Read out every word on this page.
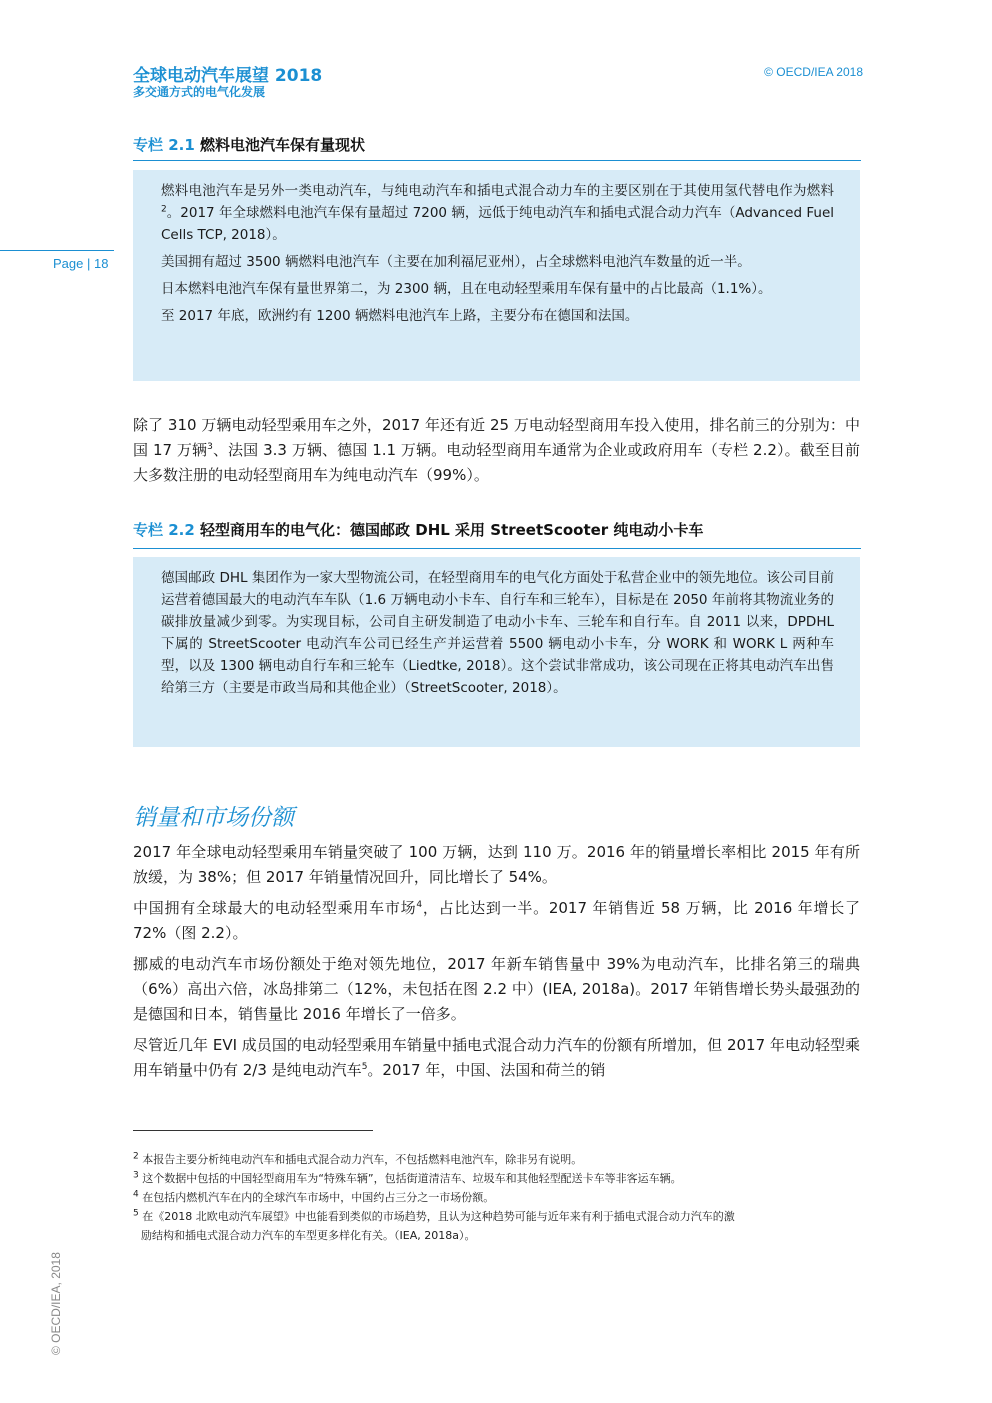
全球电动汽车展望 2018
多交通方式的电气化发展
© OECD/IEA 2018
Page | 18
专栏 2.1 燃料电池汽车保有量现状

燃料电池汽车是另外一类电动汽车，与纯电动汽车和插电式混合动力车的主要区别在于其使用氢代替电作为燃料$^2$。2017 年全球燃料电池汽车保有量超过 7200 辆，远低于纯电动汽车和插电式混合动力汽车（Advanced Fuel Cells TCP, 2018）。

美国拥有超过 3500 辆燃料电池汽车（主要在加利福尼亚州），占全球燃料电池汽车数量的近一半。

日本燃料电池汽车保有量世界第二，为 2300 辆，且在电动轻型乘用车保有量中的占比最高（1.1%）。

至 2017 年底，欧洲约有 1200 辆燃料电池汽车上路，主要分布在德国和法国。

除了 310 万辆电动轻型乘用车之外，2017 年还有近 25 万电动轻型商用车投入使用，排名前三的分别为：中国 17 万辆$^3$、法国 3.3 万辆、德国 1.1 万辆。电动轻型商用车通常为企业或政府用车（专栏 2.2）。截至目前大多数注册的电动轻型商用车为纯电动汽车（99%）。

专栏 2.2 轻型商用车的电气化：德国邮政 DHL 采用 StreetScooter 纯电动小卡车

德国邮政 DHL 集团作为一家大型物流公司，在轻型商用车的电气化方面处于私营企业中的领先地位。该公司目前运营着德国最大的电动汽车车队（1.6 万辆电动小卡车、自行车和三轮车），目标是在 2050 年前将其物流业务的碳排放量减少到零。为实现目标，公司自主研发制造了电动小卡车、三轮车和自行车。自 2011 以来，DPDHL 下属的 StreetScooter 电动汽车公司已经生产并运营着 5500 辆电动小卡车，分 WORK 和 WORK L 两种车型，以及 1300 辆电动自行车和三轮车（Liedtke, 2018）。这个尝试非常成功，该公司现在正将其电动汽车出售给第三方（主要是市政当局和其他企业）（StreetScooter, 2018）。

销量和市场份额

2017 年全球电动轻型乘用车销量突破了 100 万辆，达到 110 万。2016 年的销量增长率相比 2015 年有所放缓，为 38%；但 2017 年销量情况回升，同比增长了 54%。

中国拥有全球最大的电动轻型乘用车市场$^4$，占比达到一半。2017 年销售近 58 万辆，比 2016 年增长了 72%（图 2.2）。

挪威的电动汽车市场份额处于绝对领先地位，2017 年新车销售量中 39%为电动汽车，比排名第三的瑞典（6%）高出六倍，冰岛排第二（12%，未包括在图 2.2 中）(IEA, 2018a)。2017 年销售增长势头最强劲的是德国和日本，销售量比 2016 年增长了一倍多。

尽管近几年 EVI 成员国的电动轻型乘用车销量中插电式混合动力汽车的份额有所增加，但 2017 年电动轻型乘用车销量中仍有 2/3 是纯电动汽车$^5$。2017 年，中国、法国和荷兰的销

$^2$ 本报告主要分析纯电动汽车和插电式混合动力汽车，不包括燃料电池汽车，除非另有说明。
$^3$ 这个数据中包括的中国轻型商用车为“特殊车辆”，包括街道清洁车、垃圾车和其他轻型配送卡车等非客运车辆。
$^4$ 在包括内燃机汽车在内的全球汽车市场中，中国约占三分之一市场份额。
$^5$ 在《2018 北欧电动汽车展望》中也能看到类似的市场趋势，且认为这种趋势可能与近年来有利于插电式混合动力汽车的激
励结构和插电式混合动力汽车的车型更多样化有关。（IEA, 2018a）。
© OECD/IEA, 2018
